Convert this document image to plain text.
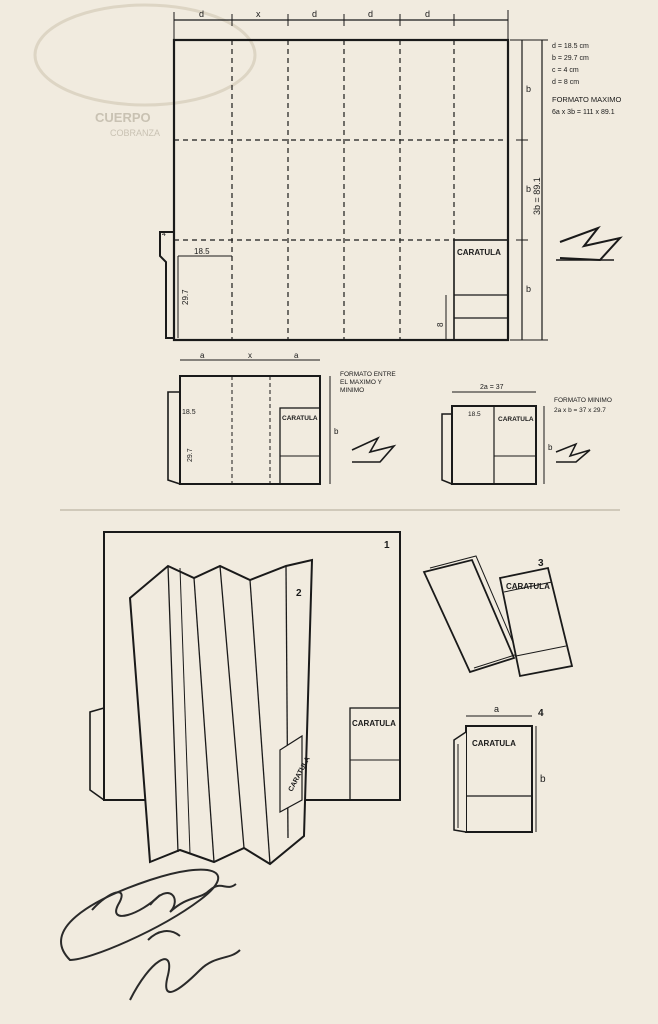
CUERPO
COBRANZA
d	x	d	d	d
b
b
b
3b = 89.1
18.5
29.7
4
8
CARATULA
d = 18.5 cm
b = 29.7 cm
c = 4 cm
d = 8 cm
FORMATO MAXIMO
6a x 3b = 111 x 89.1
a	x	a
b
CARATULA
FORMATO ENTRE
EL MAXIMO Y
MINIMO
18.5
29.7
2a = 37
18.5
CARATULA
b
FORMATO MINIMO
2a x b = 37 x 29.7
CARATULA
CARATULA
1
2
3
CARATULA
a
b
4
CARATULA
